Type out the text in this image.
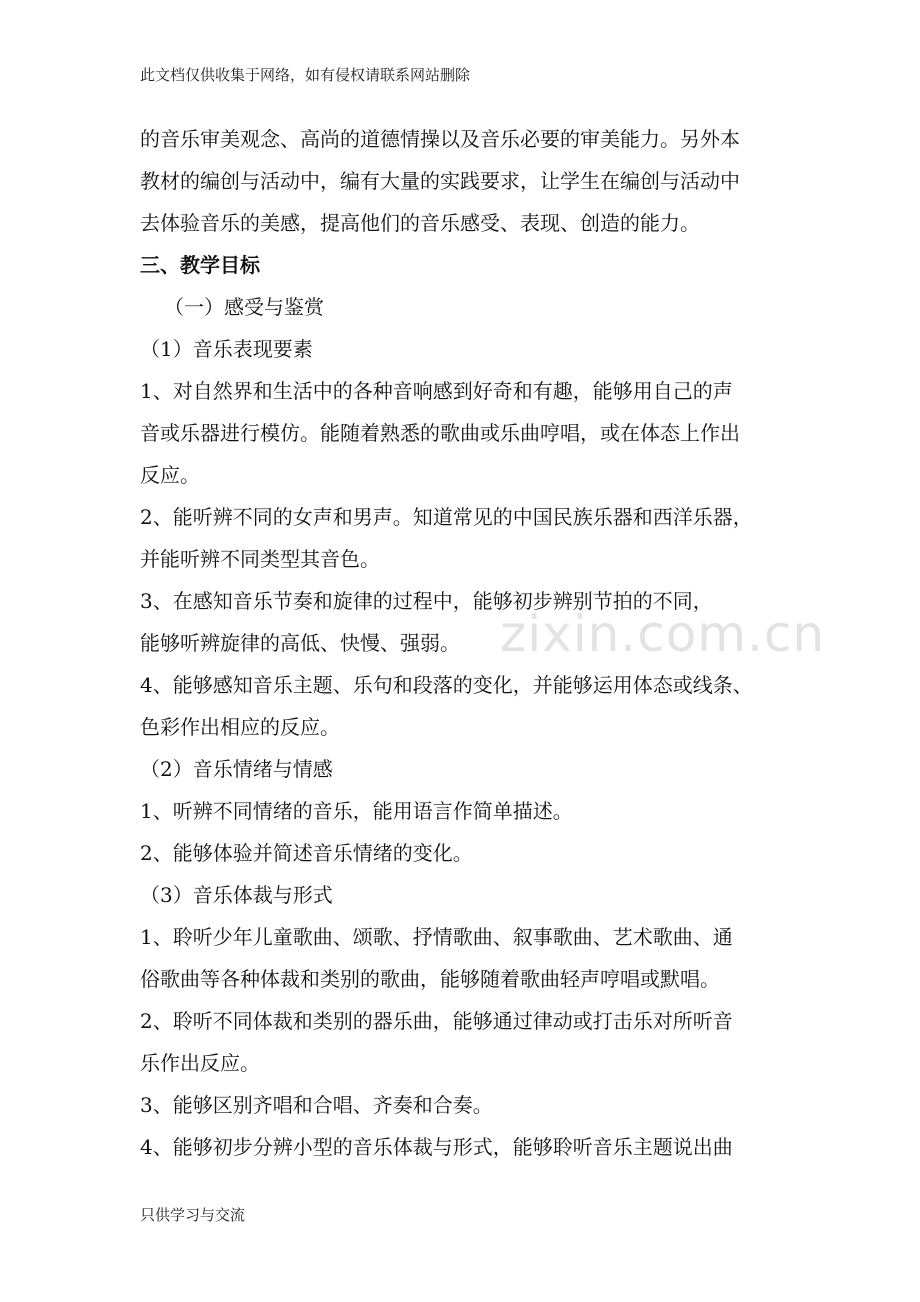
此文档仅供收集于网络，如有侵权请联系网站删除
zixin.com.cn

的音乐审美观念、高尚的道德情操以及音乐必要的审美能力。另外本

教材的编创与活动中，编有大量的实践要求，让学生在编创与活动中

去体验音乐的美感，提高他们的音乐感受、表现、创造的能力。

三、教学目标

（一）感受与鉴赏

（1）音乐表现要素

1、对自然界和生活中的各种音响感到好奇和有趣，能够用自己的声

音或乐器进行模仿。能随着熟悉的歌曲或乐曲哼唱，或在体态上作出

反应。

2、能听辨不同的女声和男声。知道常见的中国民族乐器和西洋乐器，

并能听辨不同类型其音色。

3、在感知音乐节奏和旋律的过程中，能够初步辨别节拍的不同，

能够听辨旋律的高低、快慢、强弱。

4、能够感知音乐主题、乐句和段落的变化，并能够运用体态或线条、

色彩作出相应的反应。

（2）音乐情绪与情感

1、听辨不同情绪的音乐，能用语言作简单描述。

2、能够体验并简述音乐情绪的变化。

（3）音乐体裁与形式

1、聆听少年儿童歌曲、颂歌、抒情歌曲、叙事歌曲、艺术歌曲、通

俗歌曲等各种体裁和类别的歌曲，能够随着歌曲轻声哼唱或默唱。

2、聆听不同体裁和类别的器乐曲，能够通过律动或打击乐对所听音

乐作出反应。

3、能够区别齐唱和合唱、齐奏和合奏。

4、能够初步分辨小型的音乐体裁与形式，能够聆听音乐主题说出曲

只供学习与交流
